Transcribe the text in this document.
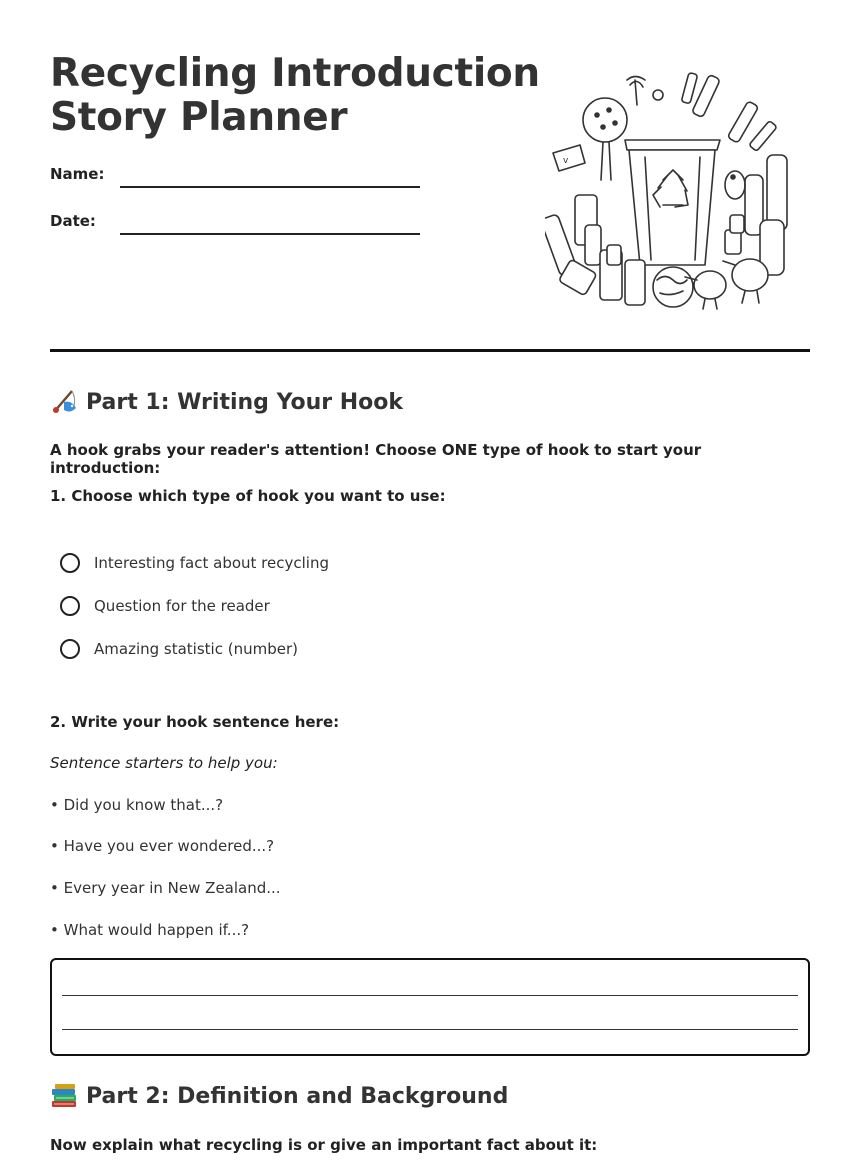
Recycling Introduction
Story Planner
Name:
Date:
v
Part 1: Writing Your Hook
A hook grabs your reader's attention! Choose ONE type of hook to start your introduction:
1. Choose which type of hook you want to use:
Interesting fact about recycling
Question for the reader
Amazing statistic (number)
2. Write your hook sentence here:
Sentence starters to help you:
• Did you know that...?
• Have you ever wondered...?
• Every year in New Zealand...
• What would happen if...?
Part 2: Definition and Background
Now explain what recycling is or give an important fact about it:
